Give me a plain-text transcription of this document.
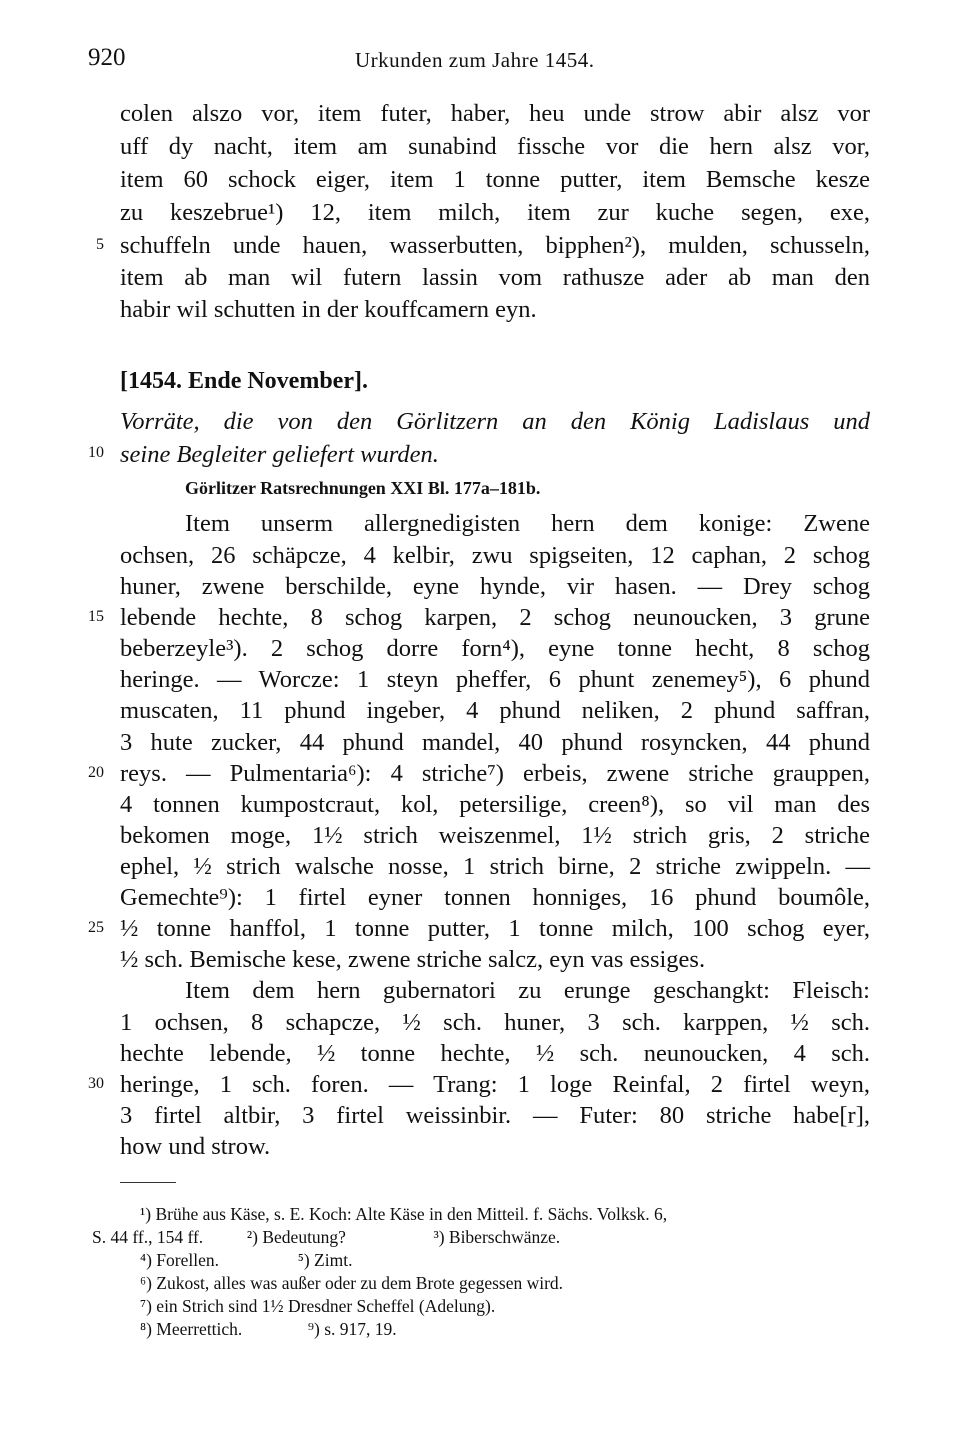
920	Urkunden zum Jahre 1454.
colen alszo vor, item futer, haber, heu unde strow abir alsz vor
uff dy nacht, item am sunabind fissche vor die hern alsz vor,
item 60 schock eiger, item 1 tonne putter, item Bemsche kesze
zu keszebrue¹) 12, item milch, item zur kuche segen, exe,
schuffeln unde hauen, wasserbutten, bipphen²), mulden, schusseln,
item ab man wil futern lassin vom rathusze ader ab man den
habir wil schutten in der kouffcamern eyn.
5
[1454. Ende November].
Vorräte, die von den Görlitzern an den König Ladislaus und
seine Begleiter geliefert wurden.
10
Görlitzer Ratsrechnungen XXI Bl. 177a–181b.
Item unserm allergnedigisten hern dem konige: Zwene
ochsen, 26 schäpcze, 4 kelbir, zwu spigseiten, 12 caphan, 2 schog
huner, zwene berschilde, eyne hynde, vir hasen. — Drey schog
lebende hechte, 8 schog karpen, 2 schog neunoucken, 3 grune
beberzeyle³). 2 schog dorre forn⁴), eyne tonne hecht, 8 schog
heringe. — Worcze: 1 steyn pheffer, 6 phunt zenemey⁵), 6 phund
muscaten, 11 phund ingeber, 4 phund neliken, 2 phund saffran,
3 hute zucker, 44 phund mandel, 40 phund rosyncken, 44 phund
reys. — Pulmentaria⁶): 4 striche⁷) erbeis, zwene striche grauppen,
4 tonnen kumpostcraut, kol, petersilige, creen⁸), so vil man des
bekomen moge, 1½ strich weiszenmel, 1½ strich gris, 2 striche
ephel, ½ strich walsche nosse, 1 strich birne, 2 striche zwippeln. —
Gemechte⁹): 1 firtel eyner tonnen honniges, 16 phund boumôle,
½ tonne hanffol, 1 tonne putter, 1 tonne milch, 100 schog eyer,
½ sch. Bemische kese, zwene striche salcz, eyn vas essiges.
Item dem hern gubernatori zu erunge geschangkt: Fleisch:
1 ochsen, 8 schapcze, ½ sch. huner, 3 sch. karppen, ½ sch.
hechte lebende, ½ tonne hechte, ½ sch. neunoucken, 4 sch.
heringe, 1 sch. foren. — Trang: 1 loge Reinfal, 2 firtel weyn,
3 firtel altbir, 3 firtel weissinbir. — Futer: 80 striche habe[r],
how und strow.
15
20
25
30
¹) Brühe aus Käse, s. E. Koch: Alte Käse in den Mitteil. f. Sächs. Volksk. 6,
S. 44 ff., 154 ff.          ²) Bedeutung?                    ³) Biberschwänze.
⁴) Forellen.                  ⁵) Zimt.
⁶) Zukost, alles was außer oder zu dem Brote gegessen wird.
⁷) ein Strich sind 1½ Dresdner Scheffel (Adelung).
⁸) Meerrettich.               ⁹) s. 917, 19.
